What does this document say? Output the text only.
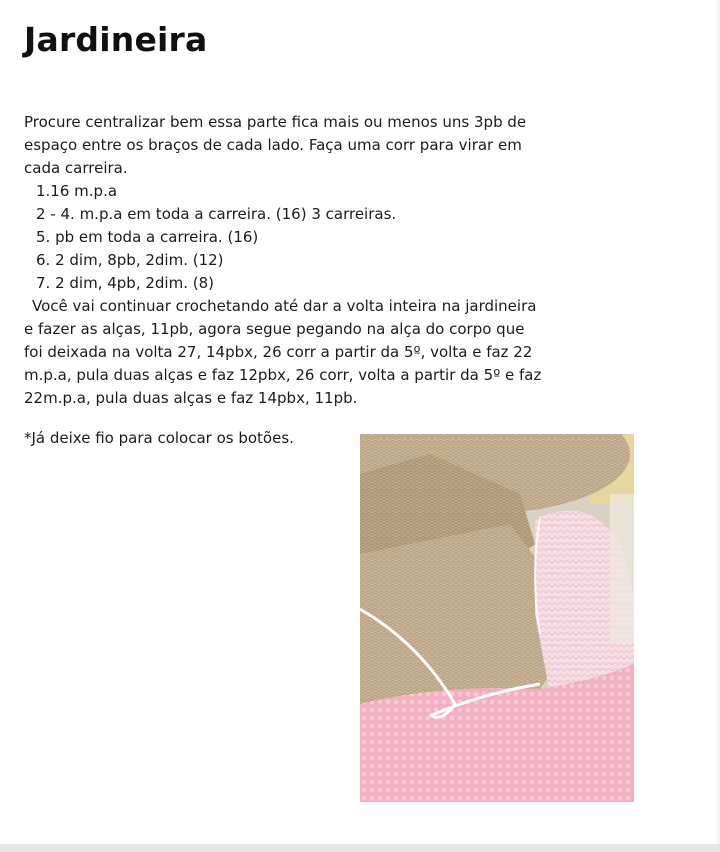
Jardineira

Procure centralizar bem essa parte fica mais ou menos uns 3pb de espaço entre os braços de cada lado. Faça uma corr para virar em cada carreira.

1.16 m.p.a
2 - 4. m.p.a em toda a carreira. (16) 3 carreiras.
5. pb em toda a carreira. (16)
6. 2 dim, 8pb, 2dim. (12)
7. 2 dim, 4pb, 2dim. (8)

Você vai continuar crochetando até dar a volta inteira na jardineira e fazer as alças, 11pb, agora segue pegando na alça do corpo que foi deixada na volta 27, 14pbx, 26 corr a partir da 5º, volta e faz 22 m.p.a, pula duas alças e faz 12pbx, 26 corr, volta a partir da 5º e faz 22m.p.a, pula duas alças e faz 14pbx, 11pb.

*Já deixe fio para colocar os botões.
